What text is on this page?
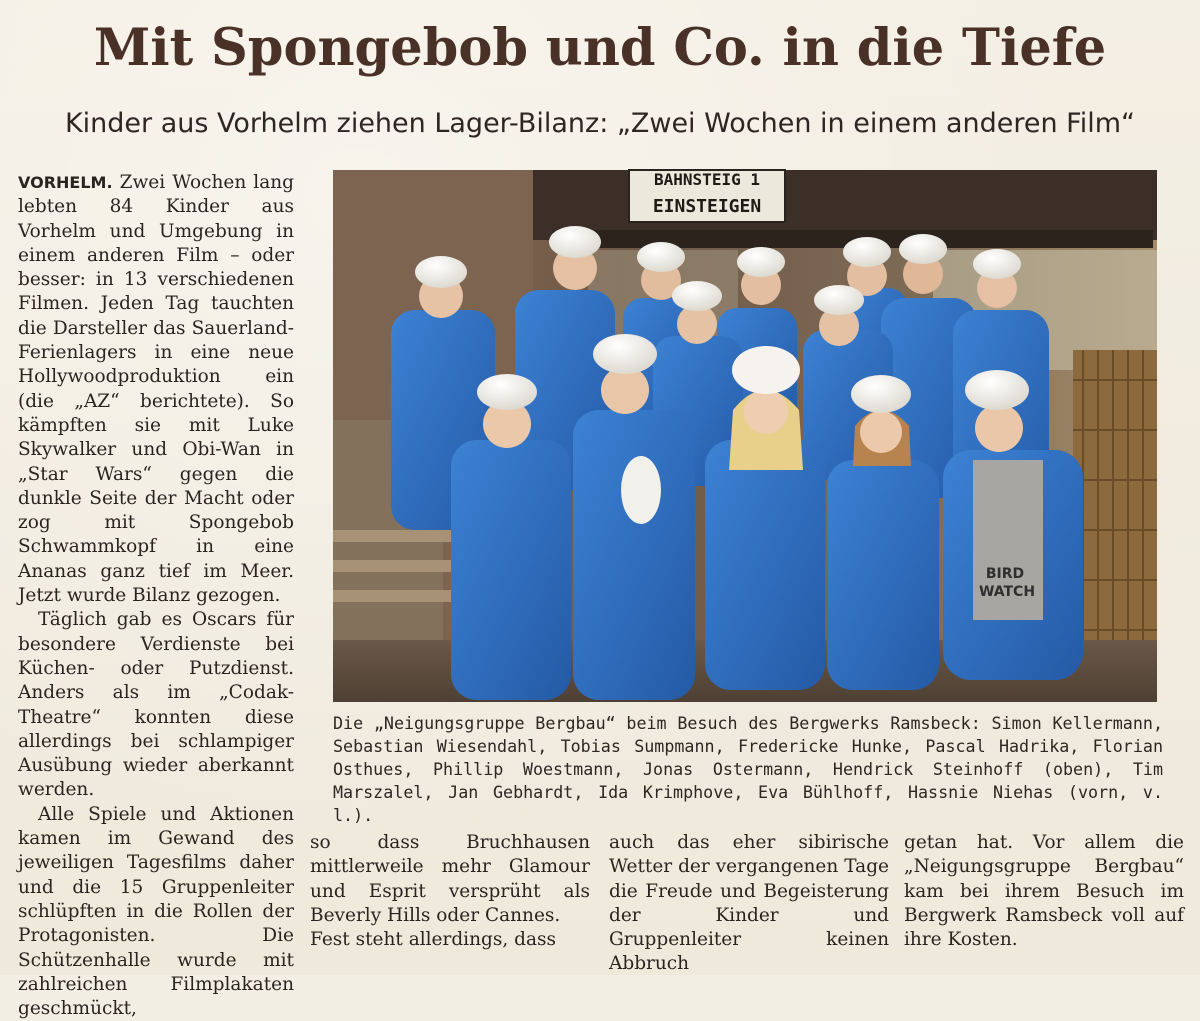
Mit Spongebob und Co. in die Tiefe
Kinder aus Vorhelm ziehen Lager-Bilanz: „Zwei Wochen in einem anderen Film“

VORHELM. Zwei Wochen lang lebten 84 Kinder aus Vorhelm und Umgebung in einem anderen Film – oder besser: in 13 verschiedenen Filmen. Jeden Tag tauchten die Darsteller das Sauerland-Ferienlagers in eine neue Hollywoodproduktion ein (die „AZ“ berichtete). So kämpften sie mit Luke Skywalker und Obi-Wan in „Star Wars“ gegen die dunkle Seite der Macht oder zog mit Spongebob Schwammkopf in eine Ananas ganz tief im Meer. Jetzt wurde Bilanz gezogen.

Täglich gab es Oscars für besondere Verdienste bei Küchen- oder Putzdienst. Anders als im „Codak-Theatre“ konnten diese allerdings bei schlampiger Ausübung wieder aberkannt werden.

Alle Spiele und Aktionen kamen im Gewand des jeweiligen Tagesfilms daher und die 15 Gruppenleiter schlüpften in die Rollen der Protagonisten. Die Schützenhalle wurde mit zahlreichen Filmplakaten geschmückt,

BAHNSTEIG 1
EINSTEIGEN
BIRD
WATCH
Die „Neigungsgruppe Bergbau“ beim Besuch des Bergwerks Ramsbeck: Simon Kellermann, Sebastian Wiesendahl, Tobias Sumpmann, Fredericke Hunke, Pascal Hadrika, Florian Osthues, Phillip Woestmann, Jonas Ostermann, Hendrick Steinhoff (oben), Tim Marszalel, Jan Gebhardt, Ida Krimphove, Eva Bühlhoff, Hassnie Niehas (vorn, v. l.).

so dass Bruchhausen mittlerweile mehr Glamour und Esprit versprüht als Beverly Hills oder Cannes.

Fest steht allerdings, dass

auch das eher sibirische Wetter der vergangenen Tage die Freude und Begeisterung der Kinder und Gruppenleiter keinen Abbruch

getan hat. Vor allem die „Neigungsgruppe Bergbau“ kam bei ihrem Besuch im Bergwerk Ramsbeck voll auf ihre Kosten.
